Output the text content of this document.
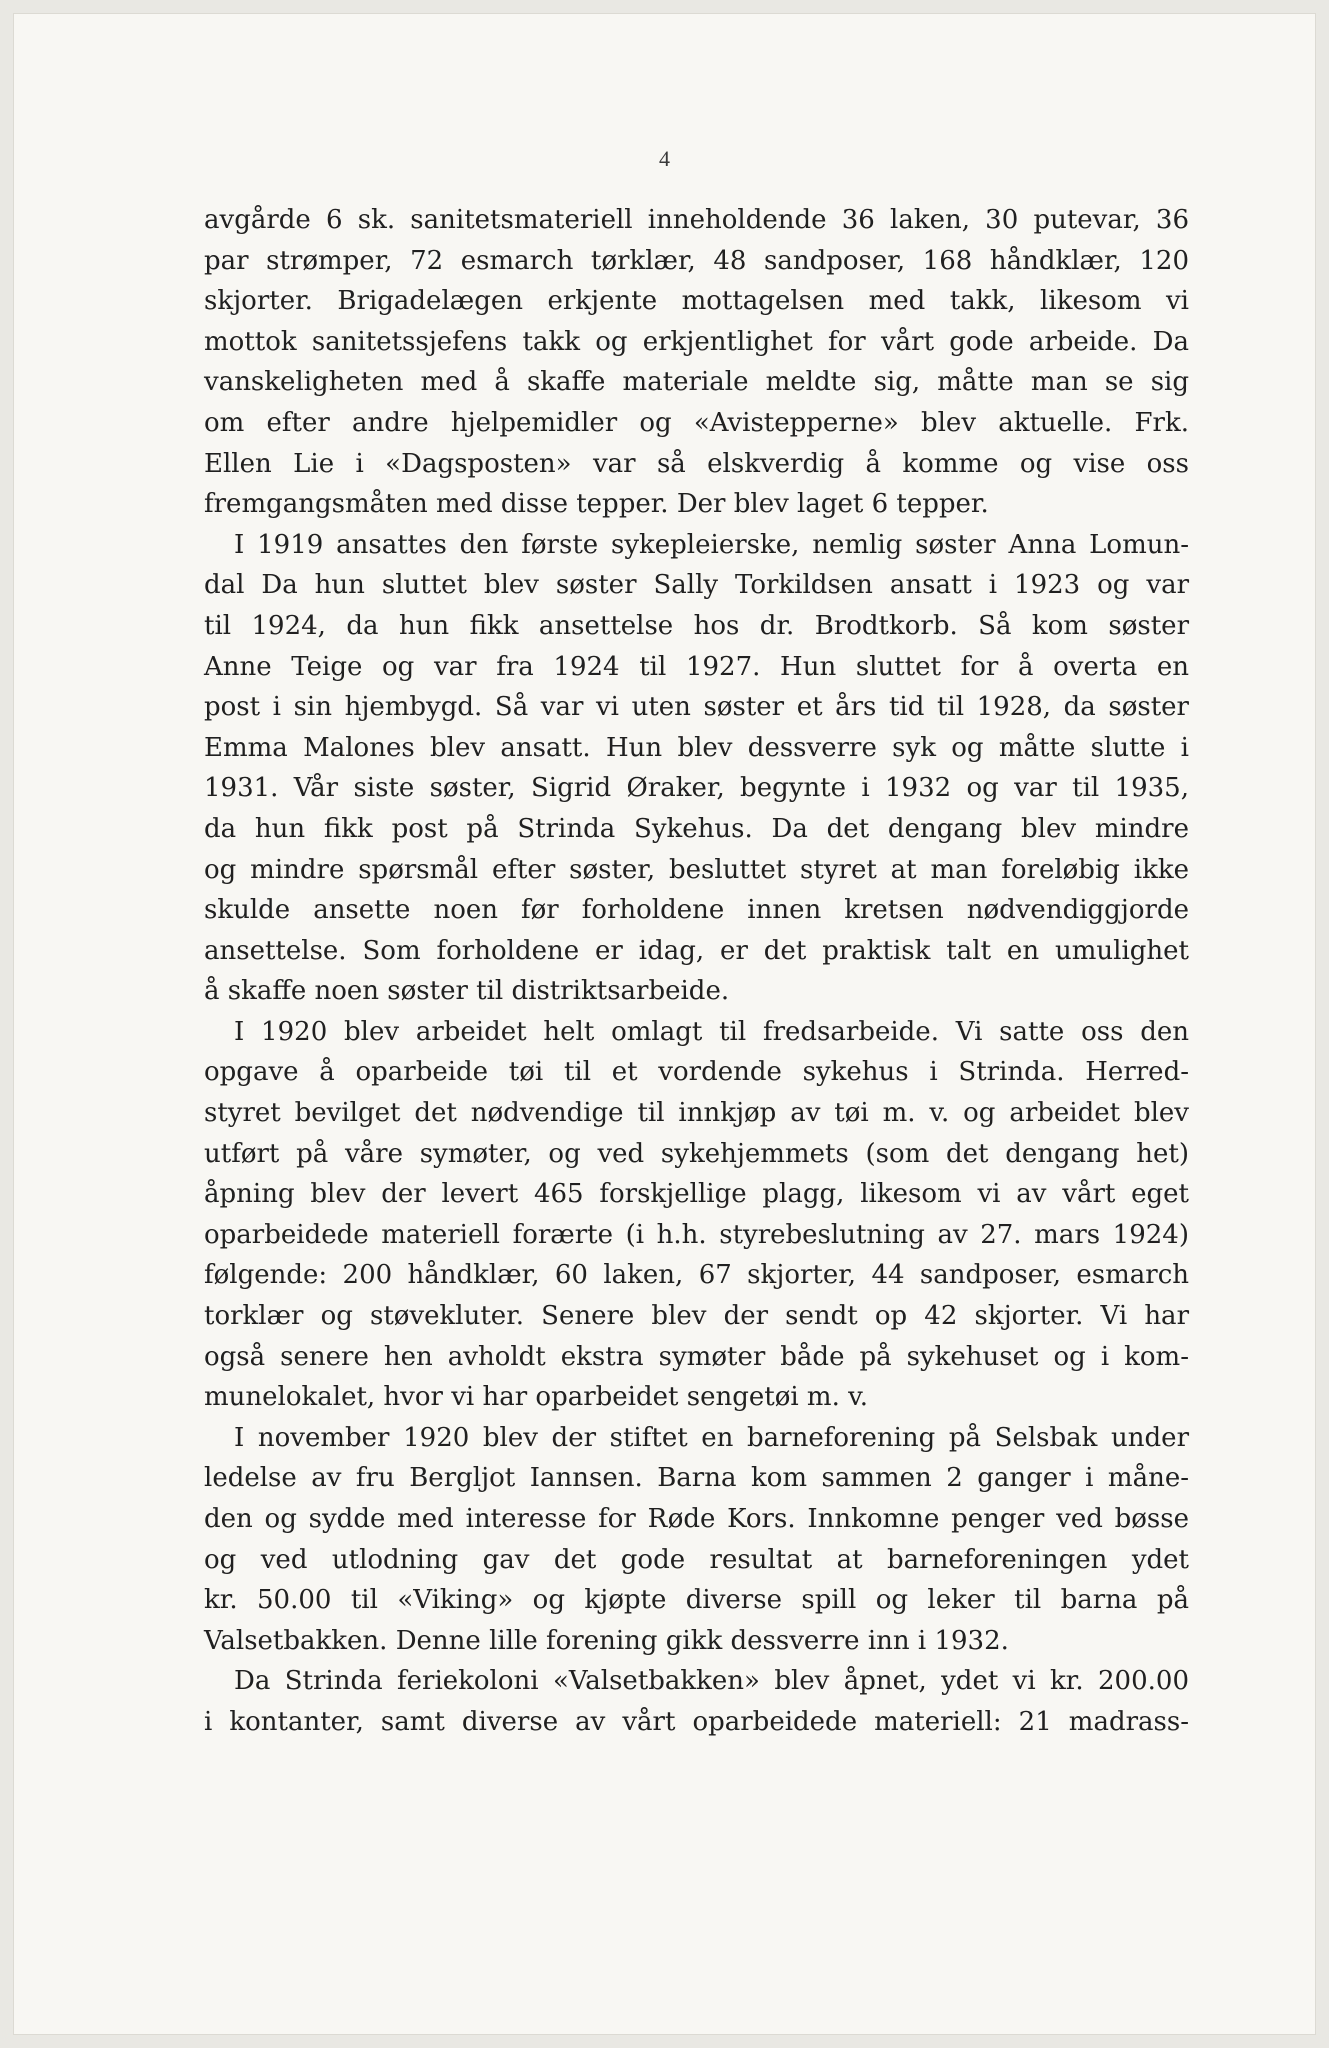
4
avgårde 6 sk. sanitetsmateriell inneholdende 36 laken, 30 putevar, 36
par strømper, 72 esmarch tørklær, 48 sandposer, 168 håndklær, 120
skjorter. Brigadelægen erkjente mottagelsen med takk, likesom vi
mottok sanitetssjefens takk og erkjentlighet for vårt gode arbeide. Da
vanskeligheten med å skaffe materiale meldte sig, måtte man se sig
om efter andre hjelpemidler og «Avistepperne» blev aktuelle. Frk.
Ellen Lie i «Dagsposten» var så elskverdig å komme og vise oss
fremgangsmåten med disse tepper. Der blev laget 6 tepper.
I 1919 ansattes den første sykepleierske, nemlig søster Anna Lomun-
dal Da hun sluttet blev søster Sally Torkildsen ansatt i 1923 og var
til 1924, da hun fikk ansettelse hos dr. Brodtkorb. Så kom søster
Anne Teige og var fra 1924 til 1927. Hun sluttet for å overta en
post i sin hjembygd. Så var vi uten søster et års tid til 1928, da søster
Emma Malones blev ansatt. Hun blev dessverre syk og måtte slutte i
1931. Vår siste søster, Sigrid Øraker, begynte i 1932 og var til 1935,
da hun fikk post på Strinda Sykehus. Da det dengang blev mindre
og mindre spørsmål efter søster, besluttet styret at man foreløbig ikke
skulde ansette noen før forholdene innen kretsen nødvendiggjorde
ansettelse. Som forholdene er idag, er det praktisk talt en umulighet
å skaffe noen søster til distriktsarbeide.
I 1920 blev arbeidet helt omlagt til fredsarbeide. Vi satte oss den
opgave å oparbeide tøi til et vordende sykehus i Strinda. Herred-
styret bevilget det nødvendige til innkjøp av tøi m. v. og arbeidet blev
utført på våre symøter, og ved sykehjemmets (som det dengang het)
åpning blev der levert 465 forskjellige plagg, likesom vi av vårt eget
oparbeidede materiell forærte (i h.h. styrebeslutning av 27. mars 1924)
følgende: 200 håndklær, 60 laken, 67 skjorter, 44 sandposer, esmarch
torklær og støvekluter. Senere blev der sendt op 42 skjorter. Vi har
også senere hen avholdt ekstra symøter både på sykehuset og i kom-
munelokalet, hvor vi har oparbeidet sengetøi m. v.
I november 1920 blev der stiftet en barneforening på Selsbak under
ledelse av fru Bergljot Iannsen. Barna kom sammen 2 ganger i måne-
den og sydde med interesse for Røde Kors. Innkomne penger ved bøsse
og ved utlodning gav det gode resultat at barneforeningen ydet
kr. 50.00 til «Viking» og kjøpte diverse spill og leker til barna på
Valsetbakken. Denne lille forening gikk dessverre inn i 1932.
Da Strinda feriekoloni «Valsetbakken» blev åpnet, ydet vi kr. 200.00
i kontanter, samt diverse av vårt oparbeidede materiell: 21 madrass-
